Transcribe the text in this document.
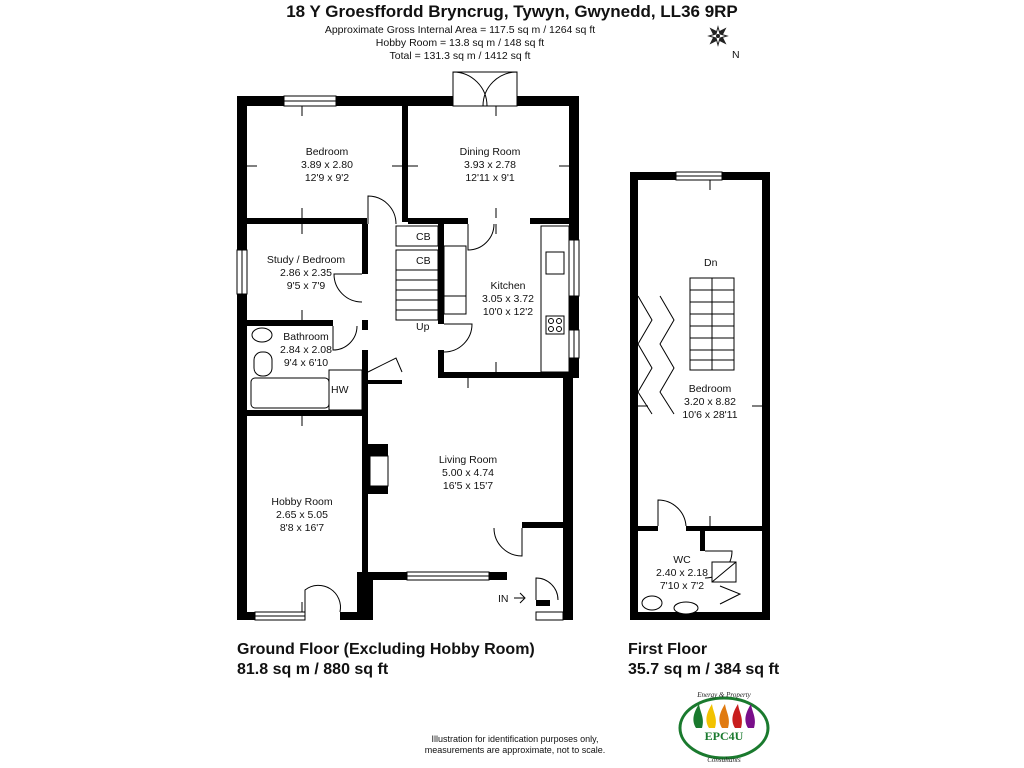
18 Y Groesffordd Bryncrug, Tywyn, Gwynedd, LL36 9RP
Approximate Gross Internal Area = 117.5 sq m / 1264 sq ft
Hobby Room = 13.8 sq m / 148 sq ft
Total = 131.3 sq m / 1412 sq ft	N
Bedroom
3.89 x 2.80
12'9 x 9'2
Dining Room
3.93 x 2.78
12'11 x 9'1
Study / Bedroom
2.86 x 2.35
9'5 x 7'9	Kitchen
3.05 x 3.72
10'0 x 12'2
Bathroom
2.84 x 2.08
9'4 x 6'10
Living Room
5.00 x 4.74
16'5 x 15'7
Hobby Room
2.65 x 5.05
8'8 x 16'7
CB
CB
HW
Up
IN
Dn
Bedroom
3.20 x 8.82
10'6 x 28'11
WC
2.40 x 2.18
7'10 x 7'2
Ground Floor (Excluding Hobby Room)
81.8 sq m / 880 sq ft
First Floor
35.7 sq m / 384 sq ft
Illustration for identification purposes only,
measurements are approximate, not to scale.
Energy & Property
EPC4U
Consultants
